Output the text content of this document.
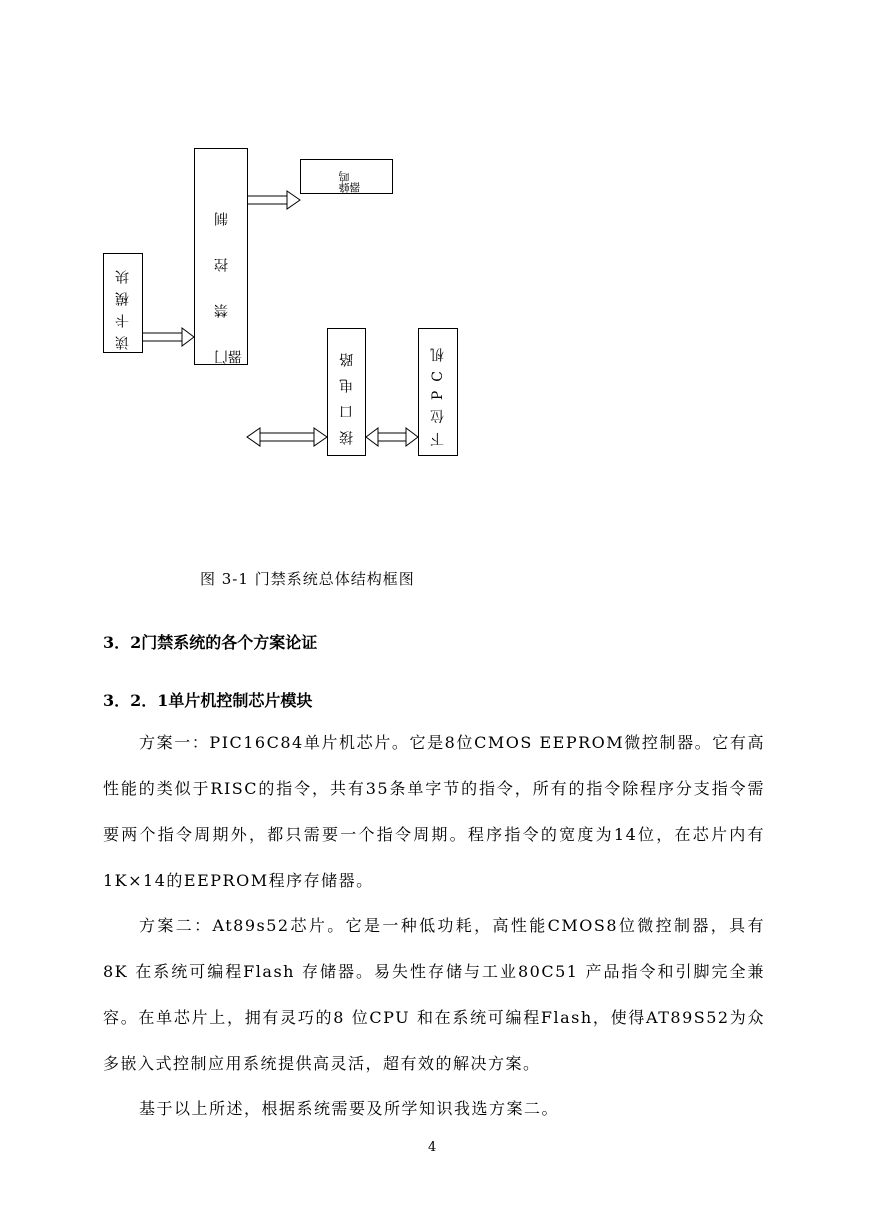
读卡模块	门禁控制器
蜂鸣器
接口电路	下位PC机
图 3-1 门禁系统总体结构框图
3．2门禁系统的各个方案论证
3．2．1单片机控制芯片模块
方案一：PIC16C84单片机芯片。它是8位CMOS EEPROM微控制器。它有高性能的类似于RISC的指令，共有35条单字节的指令，所有的指令除程序分支指令需要两个指令周期外，都只需要一个指令周期。程序指令的宽度为14位，在芯片内有1K×14的EEPROM程序存储器。
方案二：At89s52芯片。它是一种低功耗，高性能CMOS8位微控制器，具有 8K 在系统可编程Flash 存储器。易失性存储与工业80C51 产品指令和引脚完全兼容。在单芯片上，拥有灵巧的8 位CPU 和在系统可编程Flash，使得AT89S52为众多嵌入式控制应用系统提供高灵活，超有效的解决方案。
基于以上所述，根据系统需要及所学知识我选方案二。
4
